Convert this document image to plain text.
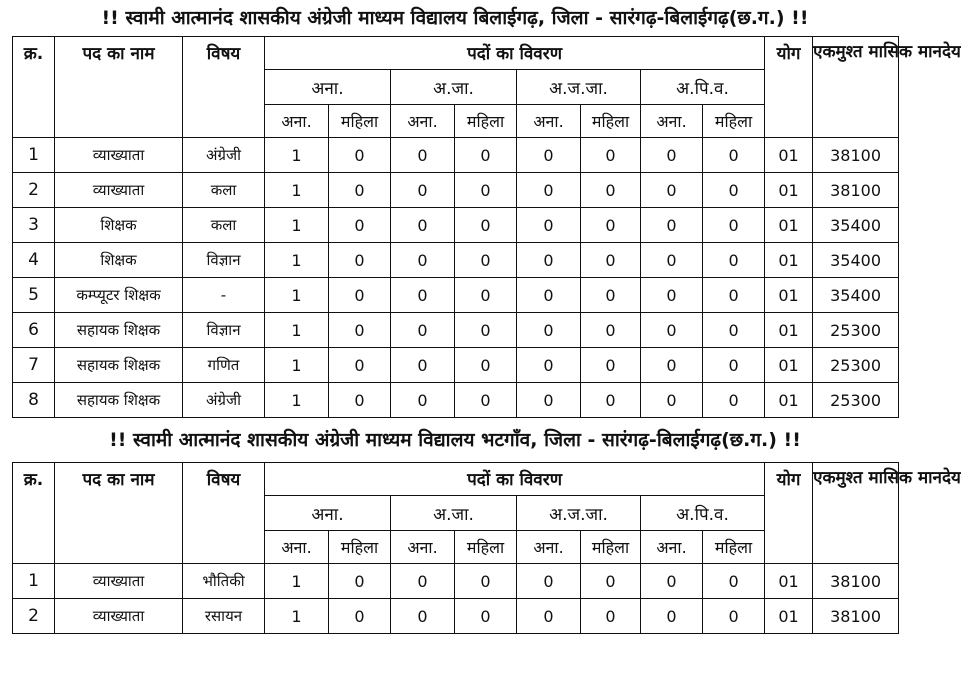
!! स्वामी आत्मानंद शासकीय अंग्रेजी माध्यम विद्यालय बिलाईगढ़, जिला - सारंगढ़-बिलाईगढ़(छ.ग.) !!
क्र.	पद का नाम	विषय	पदों का विवरण								योग	एकमुश्त मासिक मानदेय
			अना.		अ.जा.		अ.ज.जा.		अ.पि.व.			
			अना.	महिला	अना.	महिला	अना.	महिला	अना.	महिला		
1	व्याख्याता	अंग्रेजी	1	0	0	0	0	0	0	0	01	38100
2	व्याख्याता	कला	1	0	0	0	0	0	0	0	01	38100
3	शिक्षक	कला	1	0	0	0	0	0	0	0	01	35400
4	शिक्षक	विज्ञान	1	0	0	0	0	0	0	0	01	35400
5	कम्प्यूटर शिक्षक	-	1	0	0	0	0	0	0	0	01	35400
6	सहायक शिक्षक	विज्ञान	1	0	0	0	0	0	0	0	01	25300
7	सहायक शिक्षक	गणित	1	0	0	0	0	0	0	0	01	25300
8	सहायक शिक्षक	अंग्रेजी	1	0	0	0	0	0	0	0	01	25300
!! स्वामी आत्मानंद शासकीय अंग्रेजी माध्यम विद्यालय भटगाँव, जिला - सारंगढ़-बिलाईगढ़(छ.ग.) !!
क्र.	पद का नाम	विषय	पदों का विवरण								योग	एकमुश्त मासिक मानदेय
			अना.		अ.जा.		अ.ज.जा.		अ.पि.व.			
			अना.	महिला	अना.	महिला	अना.	महिला	अना.	महिला		
1	व्याख्याता	भौतिकी	1	0	0	0	0	0	0	0	01	38100
2	व्याख्याता	रसायन	1	0	0	0	0	0	0	0	01	38100
